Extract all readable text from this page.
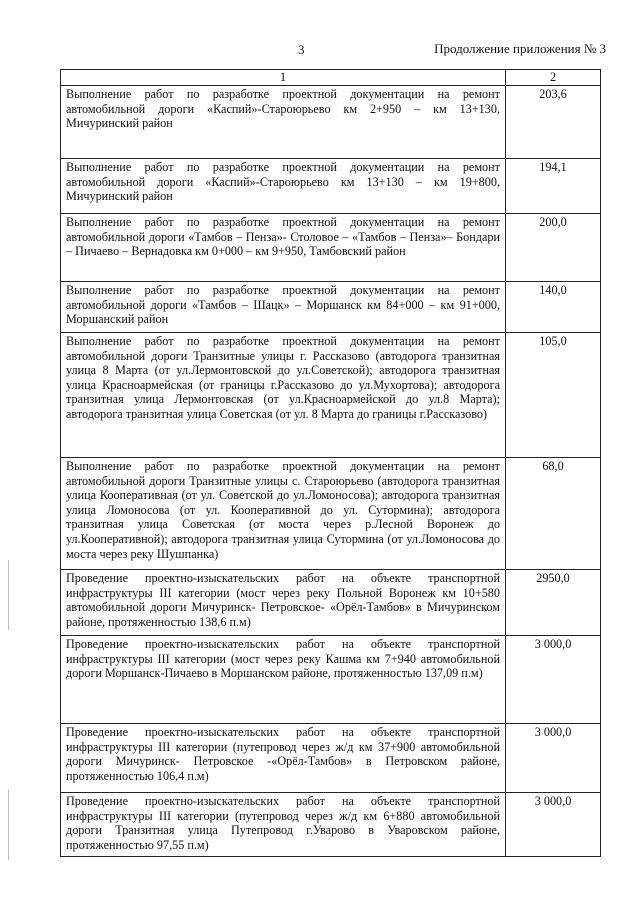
3	Продолжение приложения № 3
1	2

Выполнение работ по разработке проектной документации на ремонт автомобильной дороги «Каспий»-Староюрьево км 2+950 – км 13+130, Мичуринский район	203,6

Выполнение работ по разработке проектной документации на ремонт автомобильной дороги «Каспий»-Староюрьево км 13+130 – км 19+800, Мичуринский район	194,1

Выполнение работ по разработке проектной документации на ремонт автомобильной дороги «Тамбов – Пенза»- Столовое – «Тамбов – Пенза»– Бондари – Пичаево – Вернадовка км 0+000 – км 9+950, Тамбовский район	200,0

Выполнение работ по разработке проектной документации на ремонт автомобильной дороги «Тамбов – Шацк» – Моршанск км 84+000 – км 91+000, Моршанский район	140,0

Выполнение работ по разработке проектной документации на ремонт автомобильной дороги Транзитные улицы г. Рассказово (автодорога транзитная улица 8 Марта (от ул.Лермонтовской до ул.Советской); автодорога транзитная улица Красноармейская (от границы г.Рассказово до ул.Мухортова); автодорога транзитная улица Лермонтовская (от ул.Красноармейской до ул.8 Марта); автодорога транзитная улица Советская (от ул. 8 Марта до границы г.Рассказово)	105,0

Выполнение работ по разработке проектной документации на ремонт автомобильной дороги Транзитные улицы с. Староюрьево (автодорога транзитная улица Кооперативная (от ул. Советской до ул.Ломоносова); автодорога транзитная улица Ломоносова (от ул. Кооперативной до ул. Сутормина); автодорога транзитная улица Советская (от моста через р.Лесной Воронеж до ул.Кооперативной); автодорога транзитная улица Сутормина (от ул.Ломоносова до моста через реку Шушпанка)	68,0

Проведение проектно-изыскательских работ на объекте транспортной инфраструктуры III категории (мост через реку Польной Воронеж км 10+580 автомобильной дороги Мичуринск- Петровское- «Орёл-Тамбов» в Мичуринском районе, протяженностью 138,6 п.м)	2950,0

Проведение проектно-изыскательских работ на объекте транспортной инфраструктуры III категории (мост через реку Кашма км 7+940 автомобильной дороги Моршанск-Пичаево в Моршанском районе, протяженностью 137,09 п.м)	3 000,0

Проведение проектно-изыскательских работ на объекте транспортной инфраструктуры III категории (путепровод через ж/д км 37+900 автомобильной дороги Мичуринск- Петровское -«Орёл-Тамбов» в Петровском районе, протяженностью 106,4 п.м)	3 000,0

Проведение проектно-изыскательских работ на объекте транспортной инфраструктуры III категории (путепровод через ж/д км 6+880 автомобильной дороги Транзитная улица Путепровод г.Уварово в Уваровском районе, протяженностью 97,55 п.м)	3 000,0
